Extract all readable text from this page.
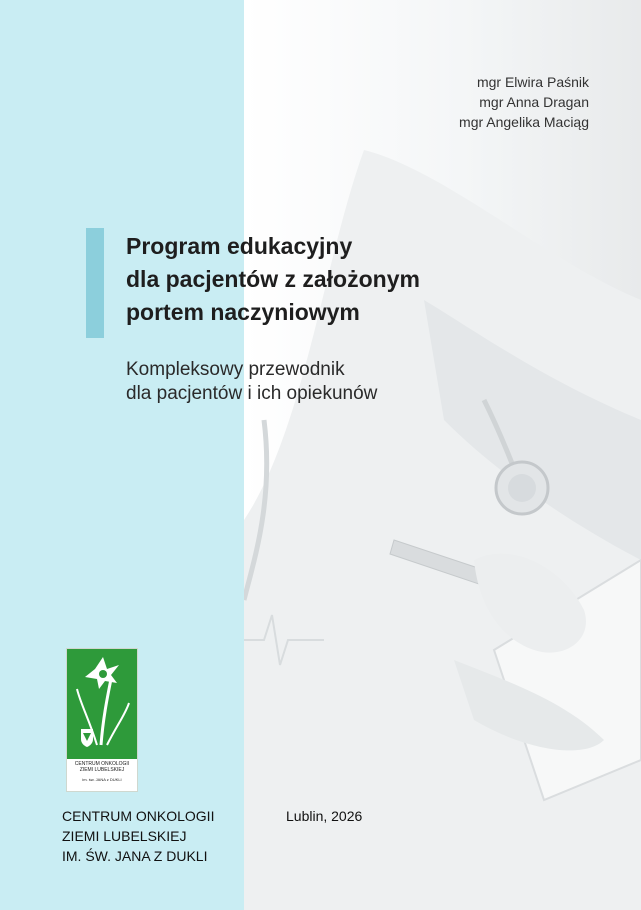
mgr Elwira Paśnik
mgr Anna Dragan
mgr Angelika Maciąg
Program edukacyjny
dla pacjentów z założonym
portem naczyniowym
Kompleksowy przewodnik
dla pacjentów i ich opiekunów
CENTRUM ONKOLOGII
ZIEMI LUBELSKIEJ
im. św. JANA z DUKLI
CENTRUM ONKOLOGII
ZIEMI LUBELSKIEJ
IM. ŚW. JANA Z DUKLI
Lublin, 2026
